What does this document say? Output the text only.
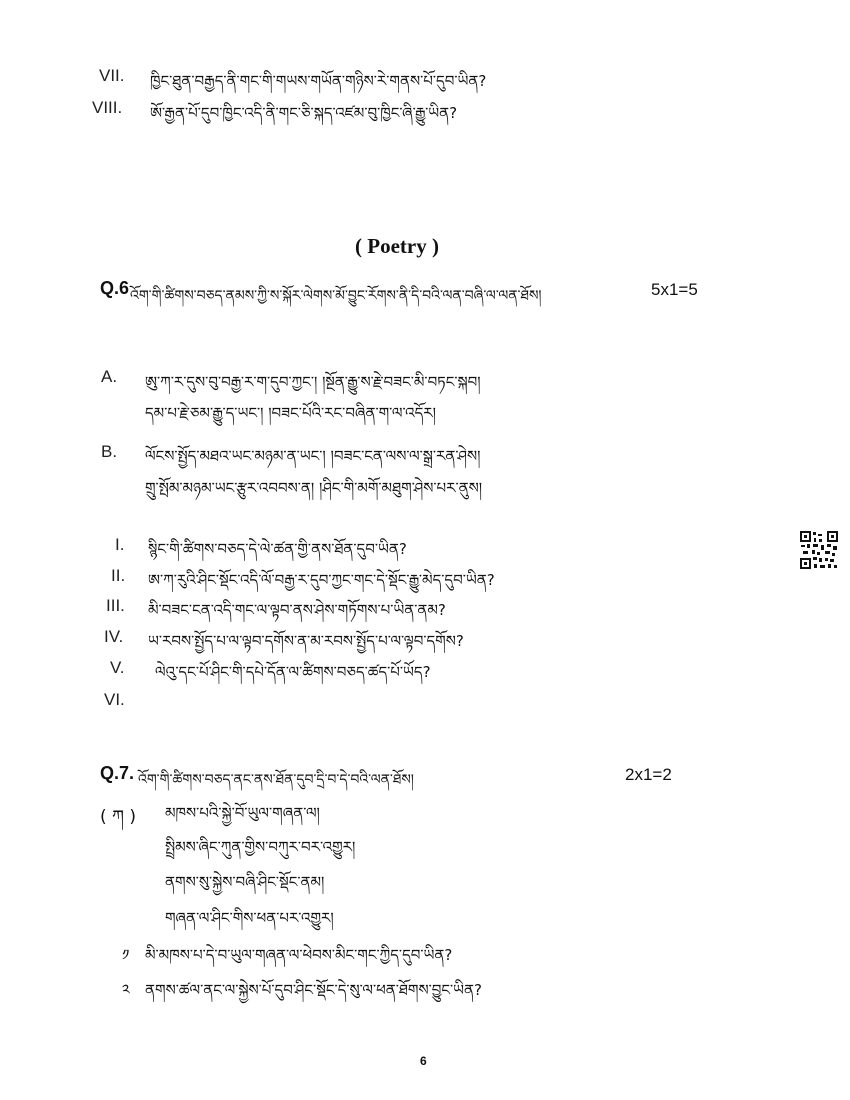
VII. ཁྱིང་ཐུན་བརྒྱད་ནི་གང་གི་གཡས་གཡོན་གཉིས་རེ་གནས་པོ་དུབ་ཡིན?
VIII. ཨོ་རྒྱན་པོ་དུབ་ཁྱིང་འདི་ནི་གང་ཅི་སྐད་འཛམ་བུ་ཁྱིང་ཞི་རྒྱུ་ཡིན?
( Poetry )
Q.6 འོག་གི་ཚིགས་བཅད་ནམས་ཀྱི་ས་སྐོར་ལེགས་མོ་བྱུང་རོགས་ནི་དི་བའི་ལན་བཞི་ལ་ལན་ཐོས།	5x1=5
A. ཨུ་ཀ་ར་དུས་བུ་བརྒྱ་ར་ག་དུབ་ཀྱང་། །སྔོན་རྒྱུ་ས་རྗེ་བཟང་མི་བཏང་སྐབ།
དམ་པ་རྗེ་ཅམ་རྒྱུ་ད་ཡང་། །བཟང་པོའི་རང་བཞིན་ག་ལ་འདོར།
B. ལོངས་སྤྱོད་མཐའ་ཡང་མཉམ་ན་ཡང་། །བཟང་ངན་ལས་ལ་སྒྲ་རན་ཤེས།
གྲུ་སྤོམ་མཉམ་ཡང་རྩུར་འབབས་ན། །ཤིང་གི་མགོ་མཐུག་ཤེས་པར་ནུས།
I. སྙིང་གི་ཚིགས་བཅད་དེ་ལེ་ཚན་གྱི་ནས་ཐོན་དུབ་ཡིན?
II. ཨ་ཀ་རུའི་ཤིང་སྡོང་འདི་ལོ་བརྒྱ་ར་དུབ་ཀྱང་གང་དེ་སྡོང་རྒྱུ་མེད་དུབ་ཡིན?
III. མི་བཟང་ངན་འདི་གང་ལ་ལྟབ་ནས་ཤེས་གཏོགས་པ་ཡིན་ནམ?
IV. ཡ་རབས་སྤྱོད་པ་ལ་ལྟབ་དགོས་ན་མ་རབས་སྤྱོད་པ་ལ་ལྟབ་དགོས?
V. ལེའུ་དང་པོ་ཤིང་གི་དཔེ་དོན་ལ་ཚིགས་བཅད་ཚད་པོ་ཡོད?
VI.
Q.7. འོག་གི་ཚིགས་བཅད་ནང་ནས་ཐོན་དུབ་དྲི་བ་དེ་བའི་ལན་ཐོས།	2x1=2
( ཀ ) མཁས་པའི་སྐྱེ་བོ་ཡུལ་གཞན་ལ།
སྤྲིམས་ཞིང་ཀུན་གྱིས་བཀུར་བར་འགྱུར།
ནགས་སུ་སྐྱེས་བཞི་ཤིང་སྡོང་ནམ།
གཞན་ལ་ཤིང་གིས་ཕན་པར་འགྱུར།
༡ མི་མཁས་པ་དེ་བ་ཡུལ་གཞན་ལ་ཕེབས་མིང་གང་ཀྱིད་དུབ་ཡིན?
༢ ནགས་ཚལ་ནང་ལ་སྐྱེས་པོ་དུབ་ཤིང་སྡོང་དེ་སུ་ལ་ཕན་ཐོགས་བྱུང་ཡིན?
6
